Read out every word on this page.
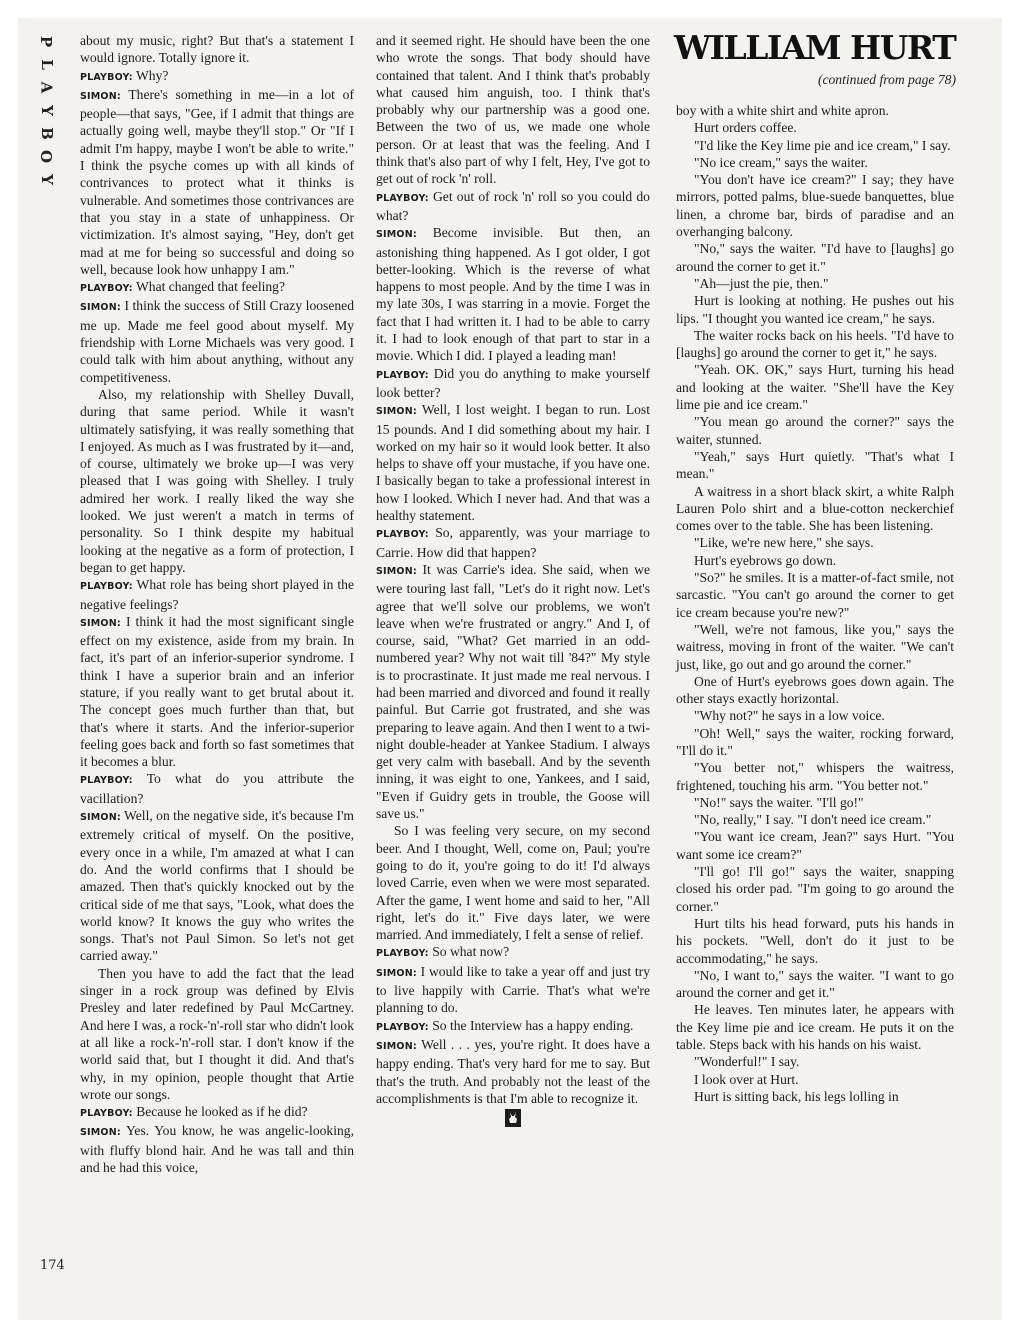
P
L
A
Y
B
O
Y
174

about my music, right? But that's a statement I would ignore. Totally ignore it.

PLAYBOY: Why?

SIMON: There's something in me—in a lot of people—that says, "Gee, if I admit that things are actually going well, maybe they'll stop." Or "If I admit I'm happy, maybe I won't be able to write." I think the psyche comes up with all kinds of contrivances to protect what it thinks is vulnerable. And sometimes those contrivances are that you stay in a state of unhappiness. Or victimization. It's almost saying, "Hey, don't get mad at me for being so successful and doing so well, because look how unhappy I am."

PLAYBOY: What changed that feeling?

SIMON: I think the success of Still Crazy loosened me up. Made me feel good about myself. My friendship with Lorne Michaels was very good. I could talk with him about anything, without any competitiveness.

Also, my relationship with Shelley Duvall, during that same period. While it wasn't ultimately satisfying, it was really something that I enjoyed. As much as I was frustrated by it—and, of course, ultimately we broke up—I was very pleased that I was going with Shelley. I truly admired her work. I really liked the way she looked. We just weren't a match in terms of personality. So I think despite my habitual looking at the negative as a form of protection, I began to get happy.

PLAYBOY: What role has being short played in the negative feelings?

SIMON: I think it had the most significant single effect on my existence, aside from my brain. In fact, it's part of an inferior-superior syndrome. I think I have a superior brain and an inferior stature, if you really want to get brutal about it. The concept goes much further than that, but that's where it starts. And the inferior-superior feeling goes back and forth so fast sometimes that it becomes a blur.

PLAYBOY: To what do you attribute the vacillation?

SIMON: Well, on the negative side, it's because I'm extremely critical of myself. On the positive, every once in a while, I'm amazed at what I can do. And the world confirms that I should be amazed. Then that's quickly knocked out by the critical side of me that says, "Look, what does the world know? It knows the guy who writes the songs. That's not Paul Simon. So let's not get carried away."

Then you have to add the fact that the lead singer in a rock group was defined by Elvis Presley and later redefined by Paul McCartney. And here I was, a rock-'n'-roll star who didn't look at all like a rock-'n'-roll star. I don't know if the world said that, but I thought it did. And that's why, in my opinion, people thought that Artie wrote our songs.

PLAYBOY: Because he looked as if he did?

SIMON: Yes. You know, he was angelic-looking, with fluffy blond hair. And he was tall and thin and he had this voice,

and it seemed right. He should have been the one who wrote the songs. That body should have contained that talent. And I think that's probably what caused him anguish, too. I think that's probably why our partnership was a good one. Between the two of us, we made one whole person. Or at least that was the feeling. And I think that's also part of why I felt, Hey, I've got to get out of rock 'n' roll.

PLAYBOY: Get out of rock 'n' roll so you could do what?

SIMON: Become invisible. But then, an astonishing thing happened. As I got older, I got better-looking. Which is the reverse of what happens to most people. And by the time I was in my late 30s, I was starring in a movie. Forget the fact that I had written it. I had to be able to carry it. I had to look enough of that part to star in a movie. Which I did. I played a leading man!

PLAYBOY: Did you do anything to make yourself look better?

SIMON: Well, I lost weight. I began to run. Lost 15 pounds. And I did something about my hair. I worked on my hair so it would look better. It also helps to shave off your mustache, if you have one. I basically began to take a professional interest in how I looked. Which I never had. And that was a healthy statement.

PLAYBOY: So, apparently, was your marriage to Carrie. How did that happen?

SIMON: It was Carrie's idea. She said, when we were touring last fall, "Let's do it right now. Let's agree that we'll solve our problems, we won't leave when we're frustrated or angry." And I, of course, said, "What? Get married in an odd-numbered year? Why not wait till '84?" My style is to procrastinate. It just made me real nervous. I had been married and divorced and found it really painful. But Carrie got frustrated, and she was preparing to leave again. And then I went to a twi-night double-header at Yankee Stadium. I always get very calm with baseball. And by the seventh inning, it was eight to one, Yankees, and I said, "Even if Guidry gets in trouble, the Goose will save us."

So I was feeling very secure, on my second beer. And I thought, Well, come on, Paul; you're going to do it, you're going to do it! I'd always loved Carrie, even when we were most separated. After the game, I went home and said to her, "All right, let's do it." Five days later, we were married. And immediately, I felt a sense of relief.

PLAYBOY: So what now?

SIMON: I would like to take a year off and just try to live happily with Carrie. That's what we're planning to do.

PLAYBOY: So the Interview has a happy ending.

SIMON: Well . . . yes, you're right. It does have a happy ending. That's very hard for me to say. But that's the truth. And probably not the least of the accomplishments is that I'm able to recognize it.

WILLIAM HURT
(continued from page 78)

boy with a white shirt and white apron.

Hurt orders coffee.

"I'd like the Key lime pie and ice cream," I say.

"No ice cream," says the waiter.

"You don't have ice cream?" I say; they have mirrors, potted palms, blue-suede banquettes, blue linen, a chrome bar, birds of paradise and an overhanging balcony.

"No," says the waiter. "I'd have to [laughs] go around the corner to get it."

"Ah—just the pie, then."

Hurt is looking at nothing. He pushes out his lips. "I thought you wanted ice cream," he says.

The waiter rocks back on his heels. "I'd have to [laughs] go around the corner to get it," he says.

"Yeah. OK. OK," says Hurt, turning his head and looking at the waiter. "She'll have the Key lime pie and ice cream."

"You mean go around the corner?" says the waiter, stunned.

"Yeah," says Hurt quietly. "That's what I mean."

A waitress in a short black skirt, a white Ralph Lauren Polo shirt and a blue-cotton neckerchief comes over to the table. She has been listening.

"Like, we're new here," she says.

Hurt's eyebrows go down.

"So?" he smiles. It is a matter-of-fact smile, not sarcastic. "You can't go around the corner to get ice cream because you're new?"

"Well, we're not famous, like you," says the waitress, moving in front of the waiter. "We can't just, like, go out and go around the corner."

One of Hurt's eyebrows goes down again. The other stays exactly horizontal.

"Why not?" he says in a low voice.

"Oh! Well," says the waiter, rocking forward, "I'll do it."

"You better not," whispers the waitress, frightened, touching his arm. "You better not."

"No!" says the waiter. "I'll go!"

"No, really," I say. "I don't need ice cream."

"You want ice cream, Jean?" says Hurt. "You want some ice cream?"

"I'll go! I'll go!" says the waiter, snapping closed his order pad. "I'm going to go around the corner."

Hurt tilts his head forward, puts his hands in his pockets. "Well, don't do it just to be accommodating," he says.

"No, I want to," says the waiter. "I want to go around the corner and get it."

He leaves. Ten minutes later, he appears with the Key lime pie and ice cream. He puts it on the table. Steps back with his hands on his waist.

"Wonderful!" I say.

I look over at Hurt.

Hurt is sitting back, his legs lolling in
